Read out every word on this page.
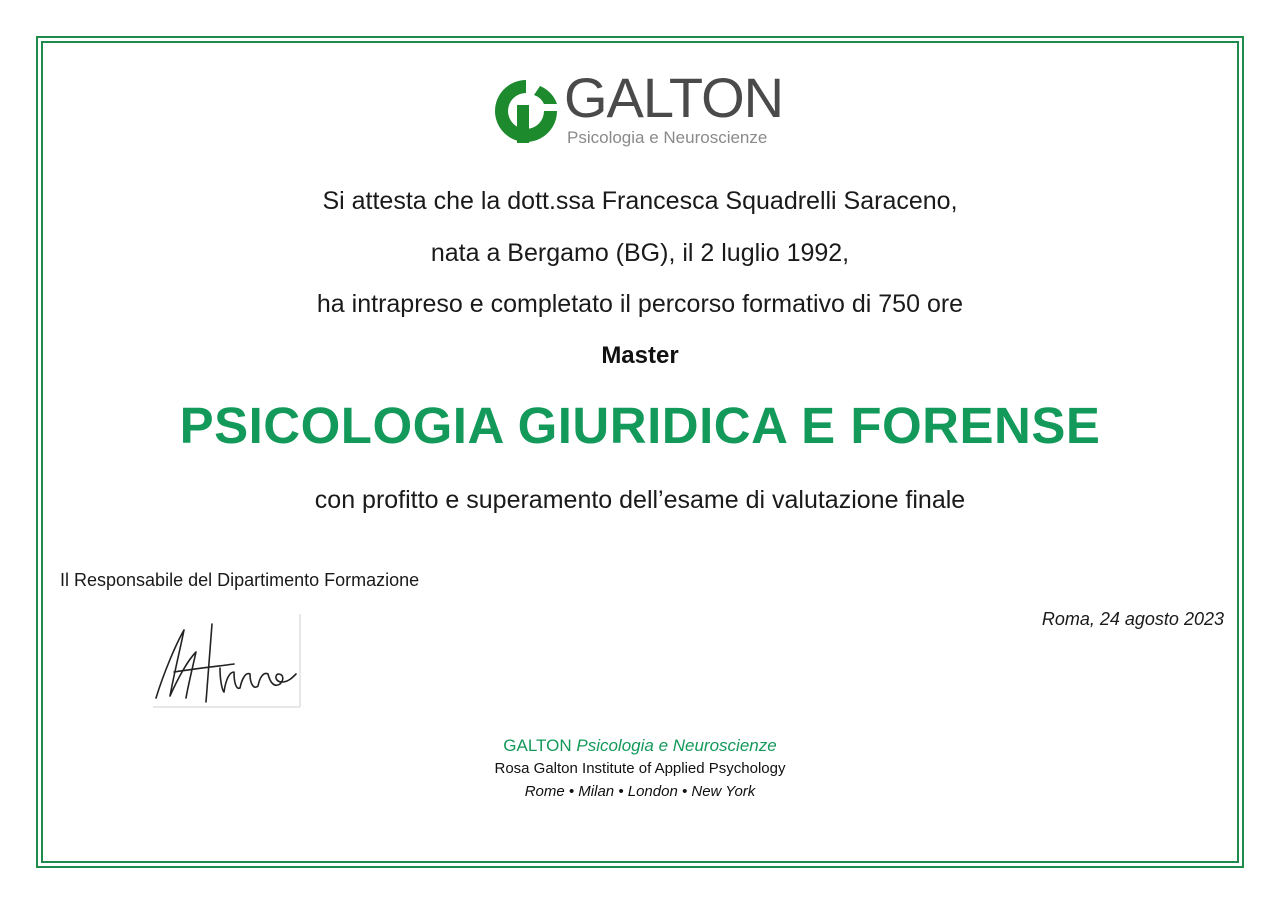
GALTON
Psicologia e Neuroscienze
Si attesta che la dott.ssa Francesca Squadrelli Saraceno,
nata a Bergamo (BG), il 2 luglio 1992,
ha intrapreso e completato il percorso formativo di 750 ore
Master
PSICOLOGIA GIURIDICA E FORENSE
con profitto e superamento dell’esame di valutazione finale
Il Responsabile del Dipartimento Formazione
Roma, 24 agosto 2023
GALTON Psicologia e Neuroscienze
Rosa Galton Institute of Applied Psychology
Rome • Milan • London • New York
